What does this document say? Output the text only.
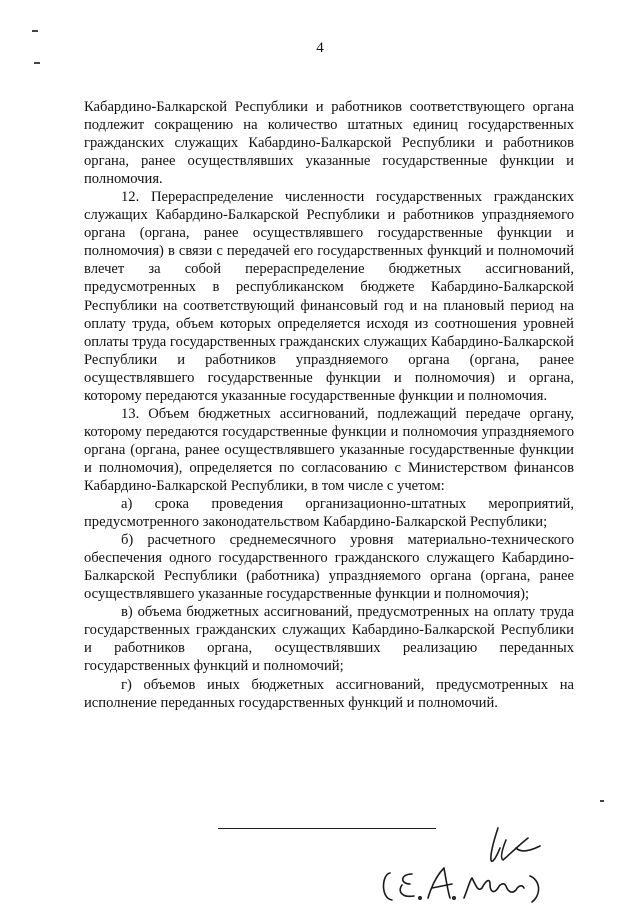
4

Кабардино-Балкарской Республики и работников соответствующего органа подлежит сокращению на количество штатных единиц государственных гражданских служащих Кабардино-Балкарской Республики и работников органа, ранее осуществлявших указанные государственные функции и полномочия.

12. Перераспределение численности государственных гражданских служащих Кабардино-Балкарской Республики и работников упраздняемого органа (органа, ранее осуществлявшего государственные функции и полномочия) в связи с передачей его государственных функций и полномочий влечет за собой перераспределение бюджетных ассигнований, предусмотренных в республиканском бюджете Кабардино-Балкарской Республики на соответствующий финансовый год и на плановый период на оплату труда, объем которых определяется исходя из соотношения уровней оплаты труда государственных гражданских служащих Кабардино-Балкарской Республики и работников упраздняемого органа (органа, ранее осуществлявшего государственные функции и полномочия) и органа, которому передаются указанные государственные функции и полномочия.

13. Объем бюджетных ассигнований, подлежащий передаче органу, которому передаются государственные функции и полномочия упраздняемого органа (органа, ранее осуществлявшего указанные государственные функции и полномочия), определяется по согласованию с Министерством финансов Кабардино-Балкарской Республики, в том числе с учетом:

а) срока проведения организационно-штатных мероприятий, предусмотренного законодательством Кабардино-Балкарской Республики;

б) расчетного среднемесячного уровня материально-технического обеспечения одного государственного гражданского служащего Кабардино-Балкарской Республики (работника) упраздняемого органа (органа, ранее осуществлявшего указанные государственные функции и полномочия);

в) объема бюджетных ассигнований, предусмотренных на оплату труда государственных гражданских служащих Кабардино-Балкарской Республики и работников органа, осуществлявших реализацию переданных государственных функций и полномочий;

г) объемов иных бюджетных ассигнований, предусмотренных на исполнение переданных государственных функций и полномочий.
